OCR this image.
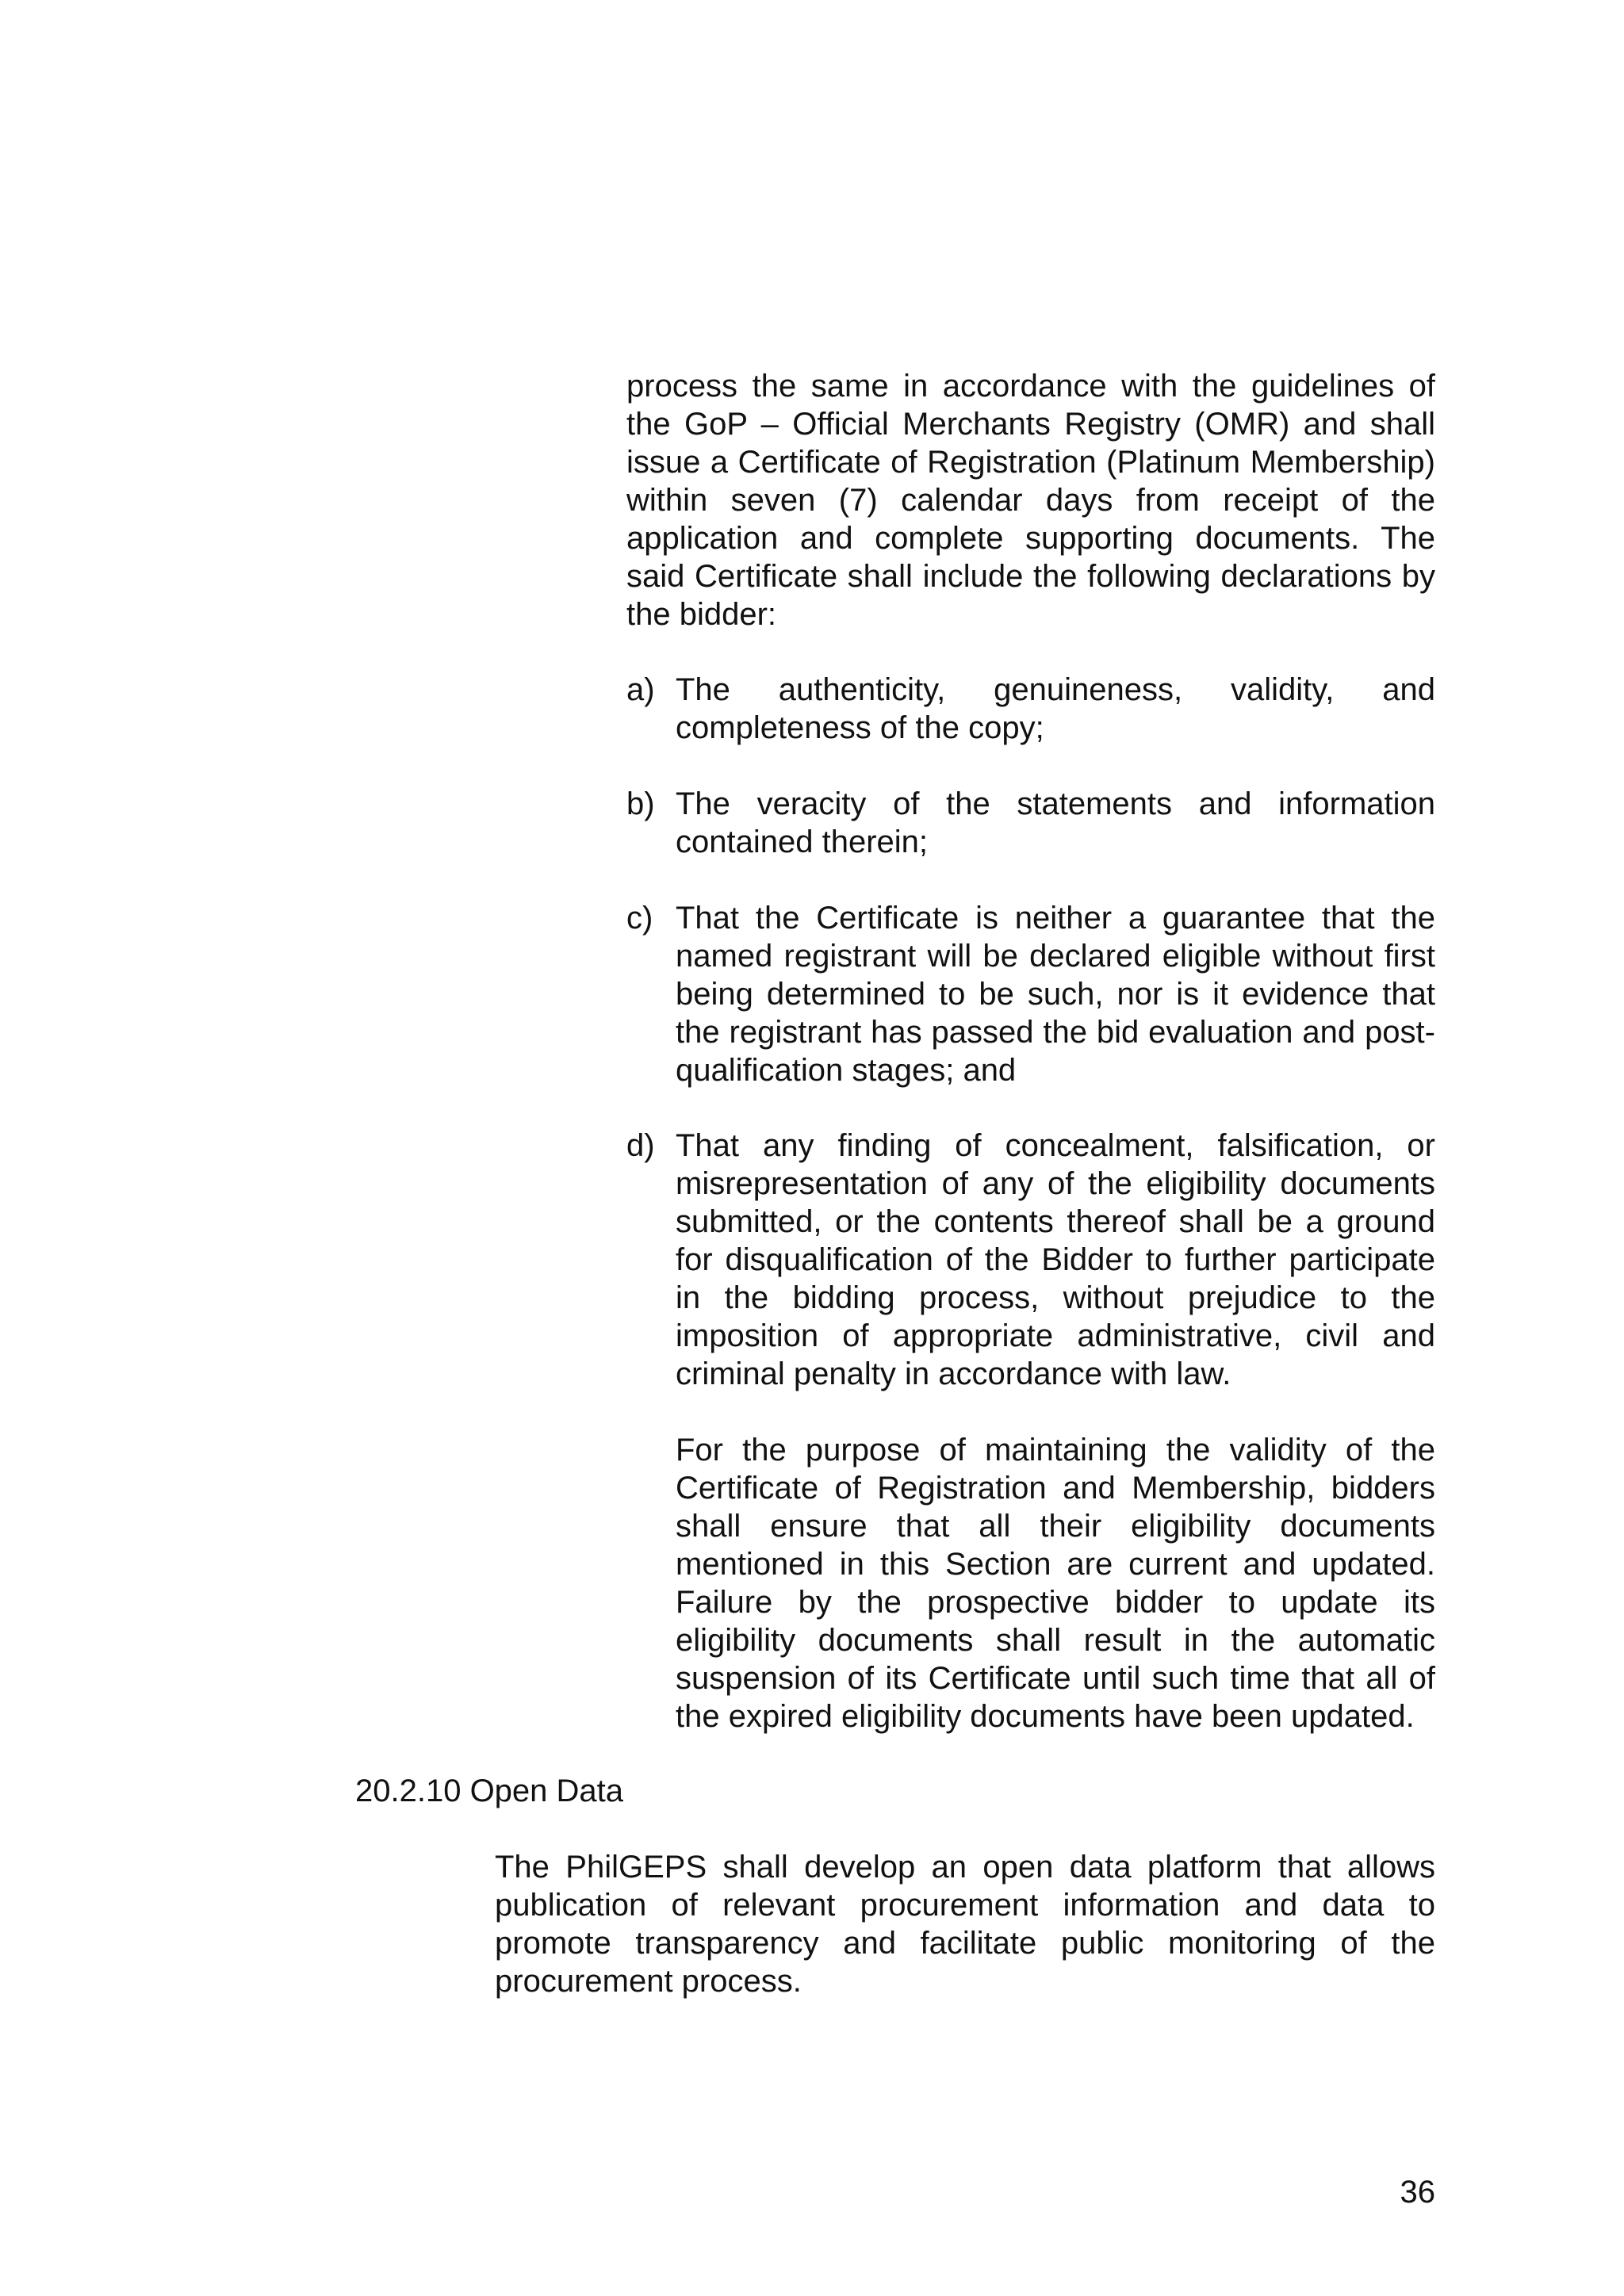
process the same in accordance with the guidelines of the GoP – Official Merchants Registry (OMR) and shall issue a Certificate of Registration (Platinum Membership) within seven (7) calendar days from receipt of the application and complete supporting documents. The said Certificate shall include the following declarations by the bidder:

a) The authenticity, genuineness, validity, and completeness of the copy;

b) The veracity of the statements and information contained therein;

c) That the Certificate is neither a guarantee that the named registrant will be declared eligible without first being determined to be such, nor is it evidence that the registrant has passed the bid evaluation and post-qualification stages; and

d) That any finding of concealment, falsification, or misrepresentation of any of the eligibility documents submitted, or the contents thereof shall be a ground for disqualification of the Bidder to further participate in the bidding process, without prejudice to the imposition of appropriate administrative, civil and criminal penalty in accordance with law.

For the purpose of maintaining the validity of the Certificate of Registration and Membership, bidders shall ensure that all their eligibility documents mentioned in this Section are current and updated. Failure by the prospective bidder to update its eligibility documents shall result in the automatic suspension of its Certificate until such time that all of the expired eligibility documents have been updated.

20.2.10 Open Data

The PhilGEPS shall develop an open data platform that allows publication of relevant procurement information and data to promote transparency and facilitate public monitoring of the procurement process.

36
